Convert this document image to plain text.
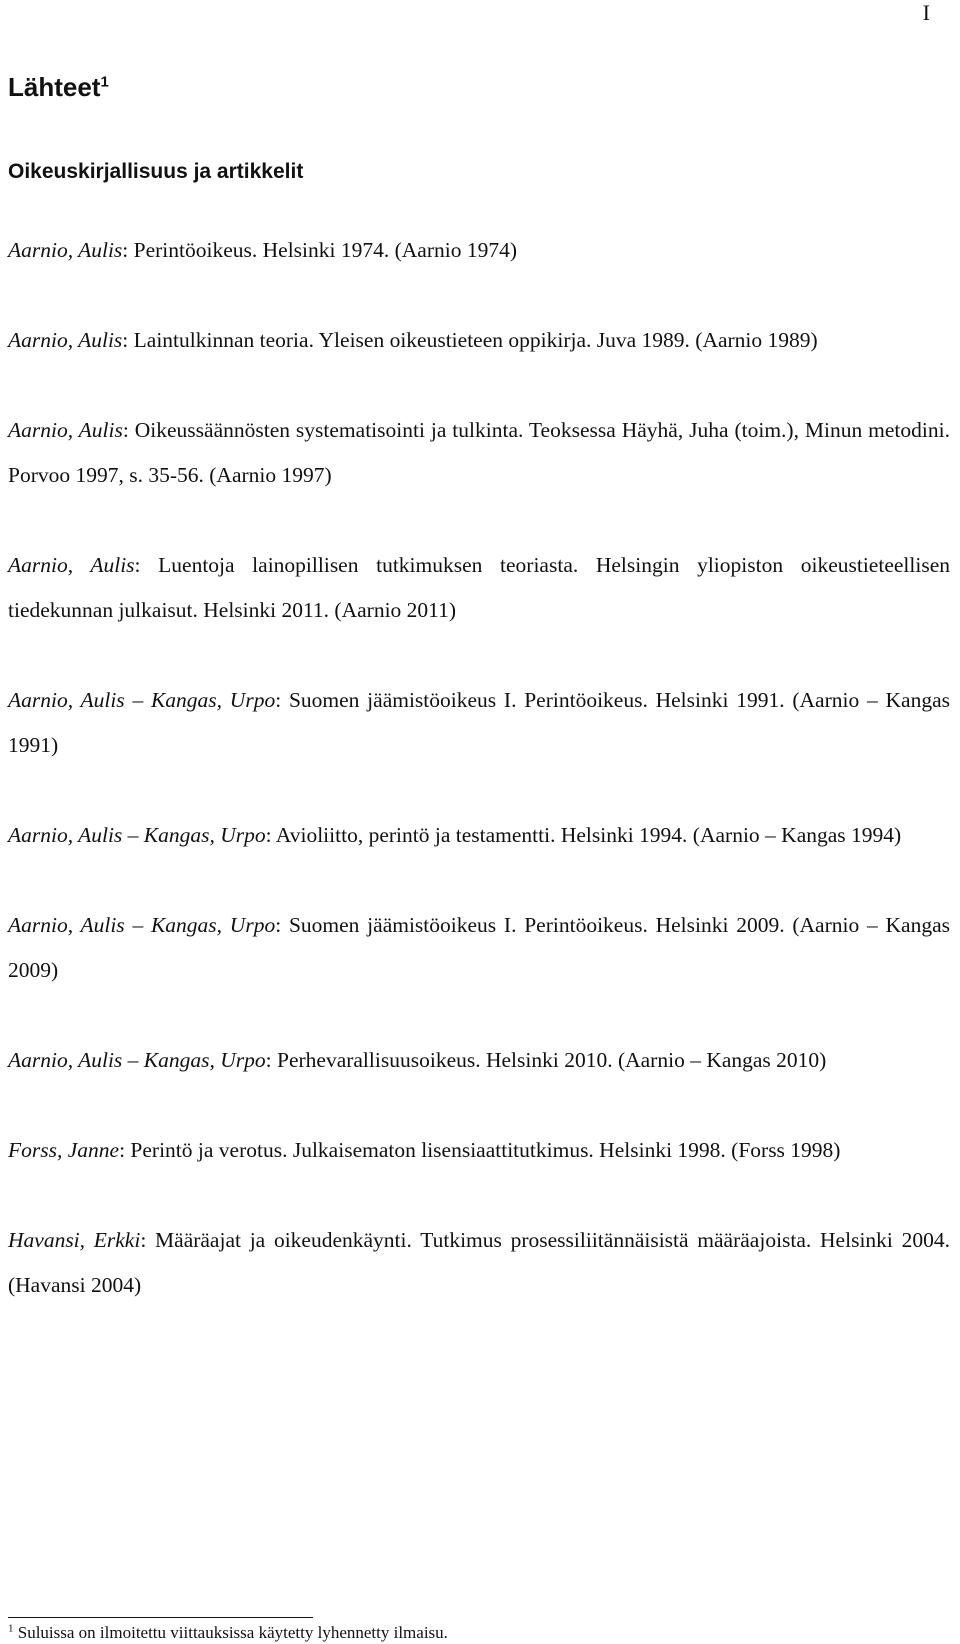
I
Lähteet$^1$
Oikeuskirjallisuus ja artikkelit

Aarnio, Aulis: Perintöoikeus. Helsinki 1974. (Aarnio 1974)

Aarnio, Aulis: Laintulkinnan teoria. Yleisen oikeustieteen oppikirja. Juva 1989. (Aarnio 1989)

Aarnio, Aulis: Oikeussäännösten systematisointi ja tulkinta. Teoksessa Häyhä, Juha (toim.), Minun metodini. Porvoo 1997, s. 35-56. (Aarnio 1997)

Aarnio, Aulis: Luentoja lainopillisen tutkimuksen teoriasta. Helsingin yliopiston oikeustieteellisen tiedekunnan julkaisut. Helsinki 2011. (Aarnio 2011)

Aarnio, Aulis – Kangas, Urpo: Suomen jäämistöoikeus I. Perintöoikeus. Helsinki 1991. (Aarnio – Kangas 1991)

Aarnio, Aulis – Kangas, Urpo: Avioliitto, perintö ja testamentti. Helsinki 1994. (Aarnio – Kangas 1994)

Aarnio, Aulis – Kangas, Urpo: Suomen jäämistöoikeus I. Perintöoikeus. Helsinki 2009. (Aarnio – Kangas 2009)

Aarnio, Aulis – Kangas, Urpo: Perhevarallisuusoikeus. Helsinki 2010. (Aarnio – Kangas 2010)

Forss, Janne: Perintö ja verotus. Julkaisematon lisensiaattitutkimus. Helsinki 1998. (Forss 1998)

Havansi, Erkki: Määräajat ja oikeudenkäynti. Tutkimus prosessiliitännäisistä määräajoista. Helsinki 2004. (Havansi 2004)

$^1$ Suluissa on ilmoitettu viittauksissa käytetty lyhennetty ilmaisu.
